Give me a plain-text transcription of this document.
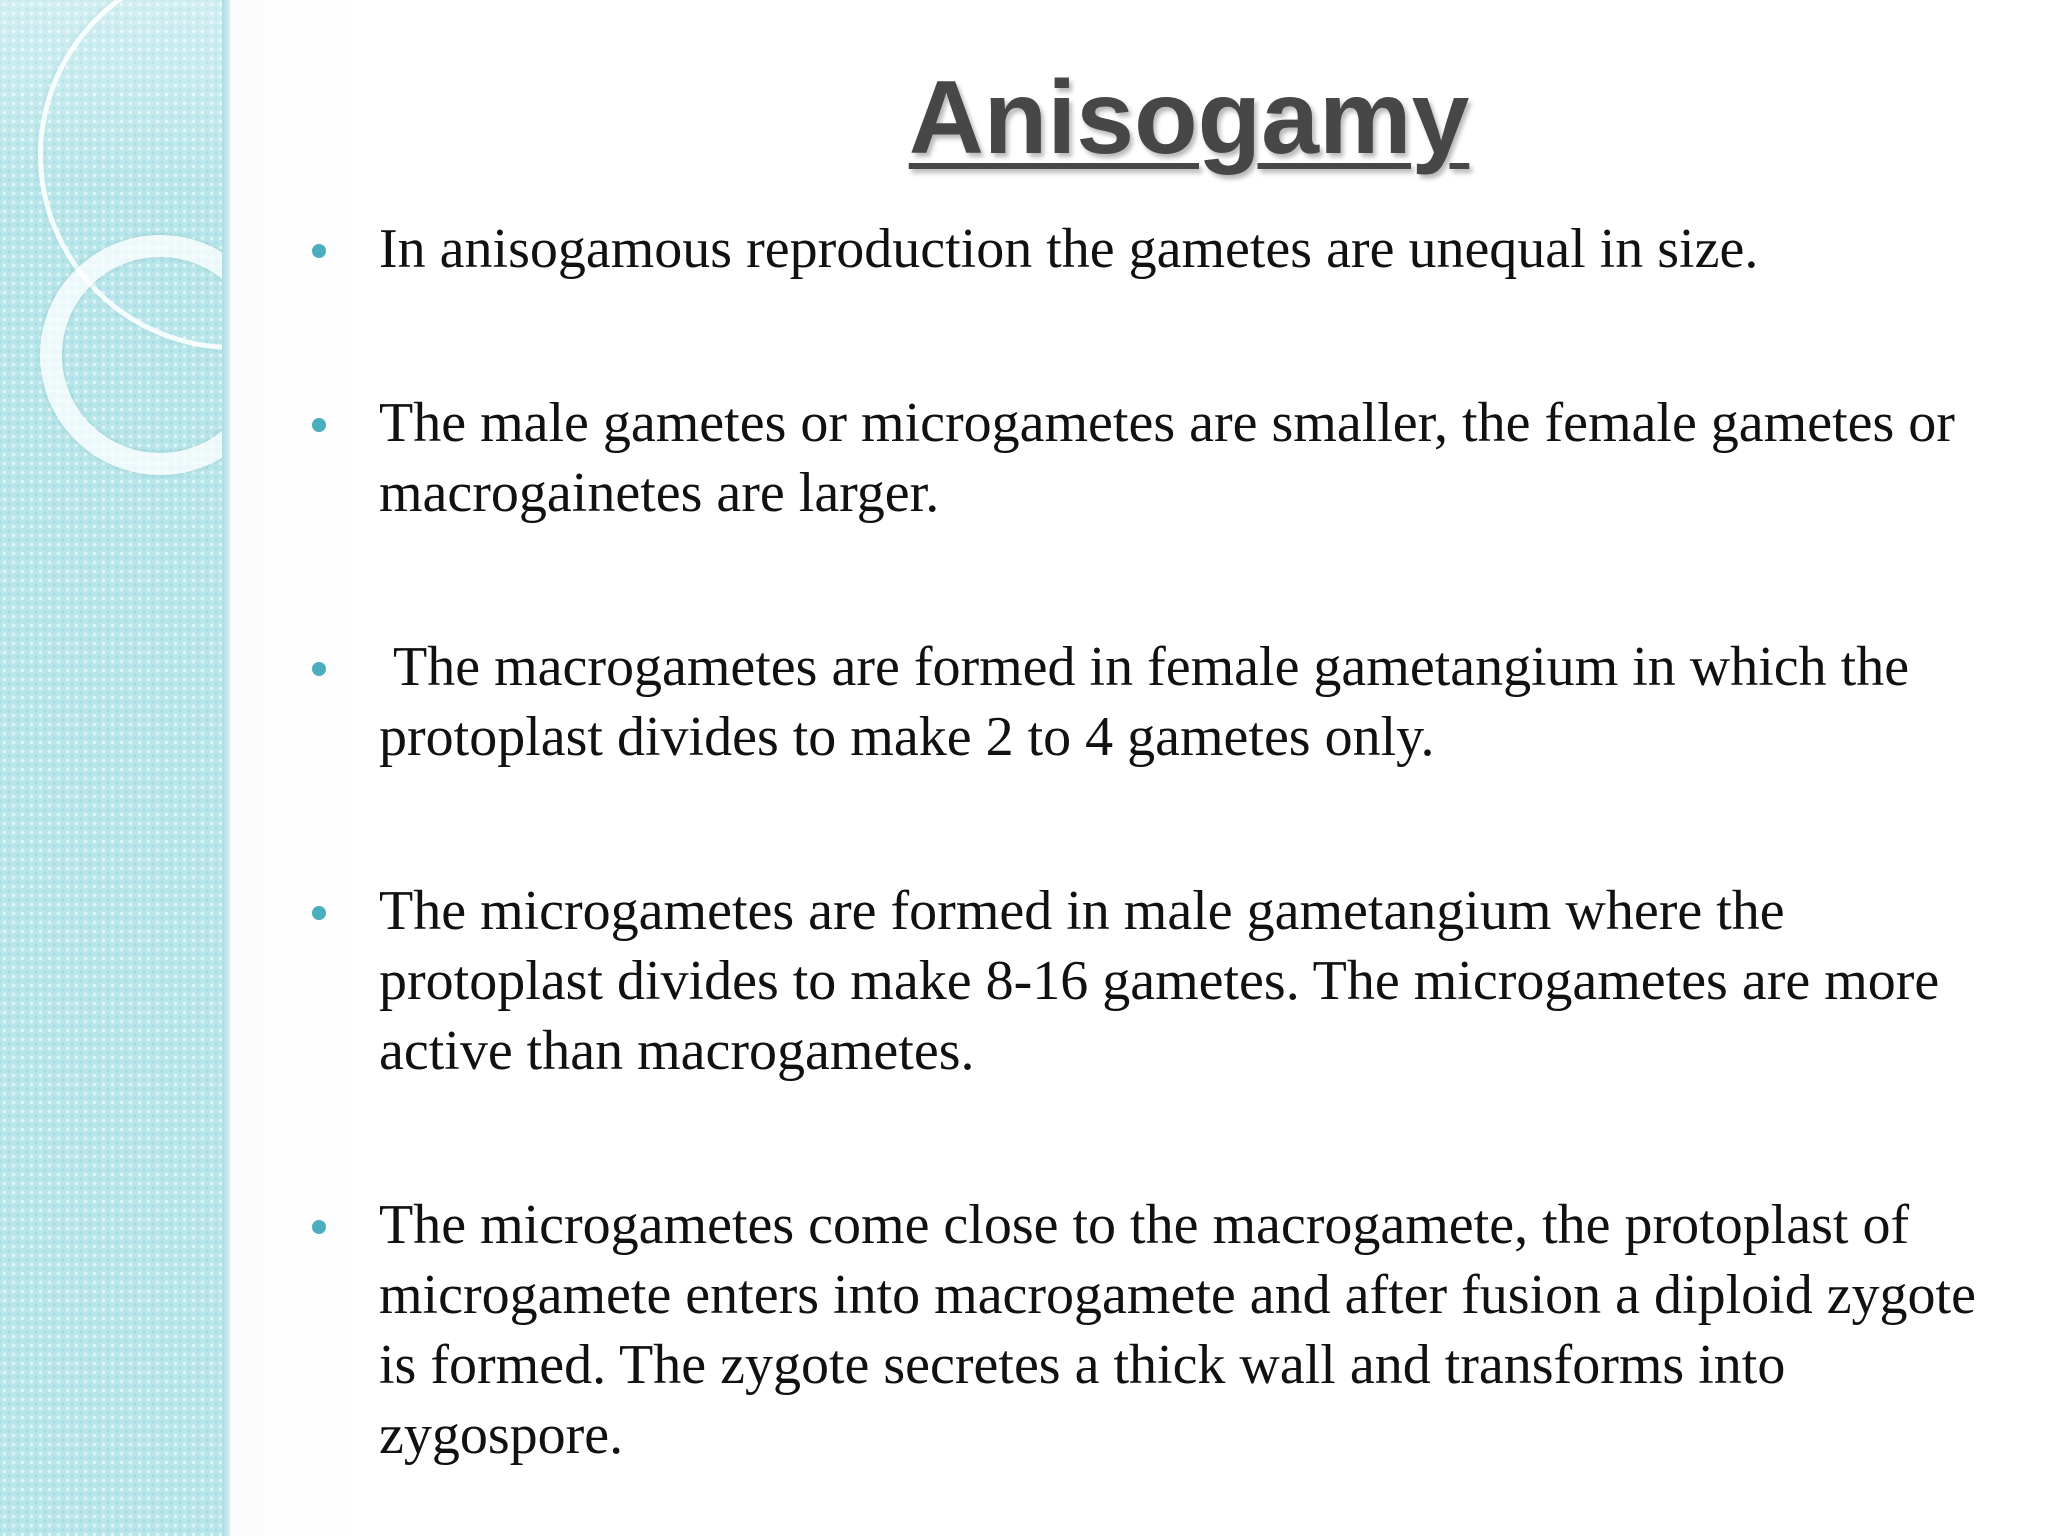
Anisogamy
In anisogamous reproduction the gametes are unequal in size.
The male gametes or microgametes are smaller, the female gametes or macrogainetes are larger.
The macrogametes are formed in female gametangium in which the protoplast divides to make 2 to 4 gametes only.
The microgametes are formed in male gametangium where the protoplast divides to make 8-16 gametes. The microgametes are more active than macrogametes.
The microgametes come close to the macrogamete, the protoplast of microgamete enters into macrogamete and after fusion a diploid zygote is formed. The zygote secretes a thick wall and transforms into zygospore.
